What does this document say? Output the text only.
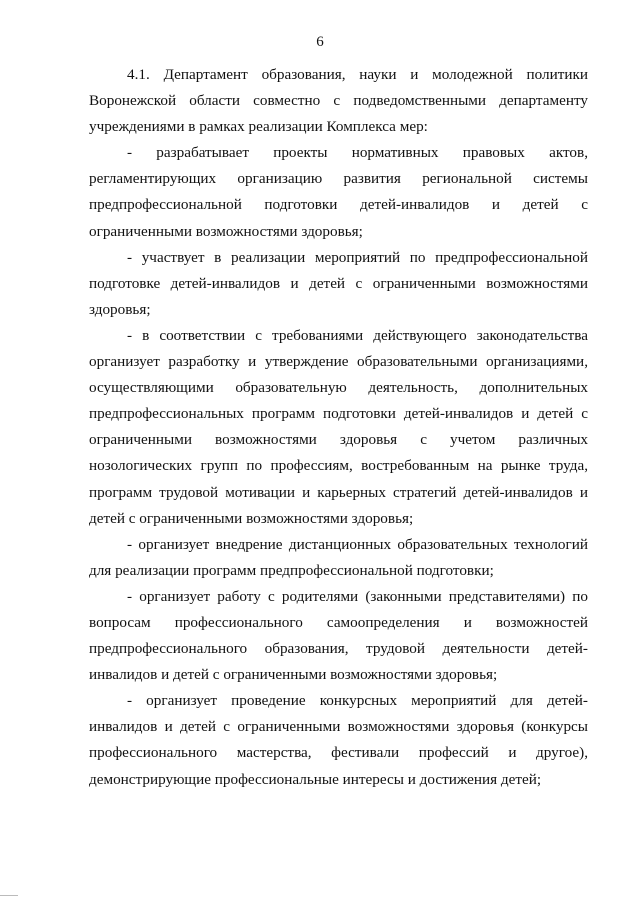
6

4.1. Департамент образования, науки и молодежной политики Воронежской области совместно с подведомственными департаменту учреждениями в рамках реализации Комплекса мер:

- разрабатывает проекты нормативных правовых актов, регламентирующих организацию развития региональной системы предпрофессиональной подготовки детей-инвалидов и детей с ограниченными возможностями здоровья;

- участвует в реализации мероприятий по предпрофессиональной подготовке детей-инвалидов и детей с ограниченными возможностями здоровья;

- в соответствии с требованиями действующего законодательства организует разработку и утверждение образовательными организациями, осуществляющими образовательную деятельность, дополнительных предпрофессиональных программ подготовки детей-инвалидов и детей с ограниченными возможностями здоровья с учетом различных нозологических групп по профессиям, востребованным на рынке труда, программ трудовой мотивации и карьерных стратегий детей-инвалидов и детей с ограниченными возможностями здоровья;

- организует внедрение дистанционных образовательных технологий для реализации программ предпрофессиональной подготовки;

- организует работу с родителями (законными представителями) по вопросам профессионального самоопределения и возможностей предпрофессионального образования, трудовой деятельности детей-инвалидов и детей с ограниченными возможностями здоровья;

- организует проведение конкурсных мероприятий для детей-инвалидов и детей с ограниченными возможностями здоровья (конкурсы профессионального мастерства, фестивали профессий и другое), демонстрирующие профессиональные интересы и достижения детей;
